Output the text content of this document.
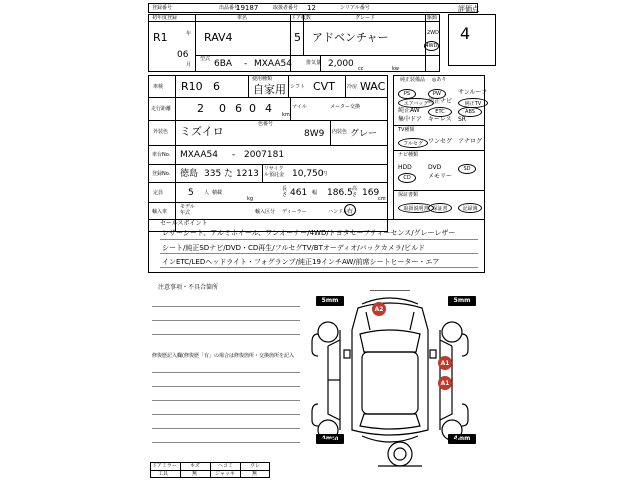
登録番号	出品番号
19187	取扱者番号 12	シリアル番号	評価点
4
初年度登録
R1	年
06
月
車名
RAV4
ドア枚数
5
グレード
アドベンチャー
型式 6BA - MXAA54	排気量 2,000 cc	kw
駆動
2WD
4WD
車検 R10 6
使用種類
自家用 シフト CVT 冷房 WAC
走行距離 2 0 6 0 4 km
マイル	メーター交換
外装色 ミズイロ
色番号
8W9 内装色 グレー
車台No. MXAA54 - 2007181
登録No. 徳島 335 た 1213 リサイクル預託金 10,750
円
定員	5 人 積載
kg
長さ 461 幅 186.5 高さ 169
cm
モデル年式
輸入車	輸入区分 ディーラー	ハンドル
右
純正装備品 ◎あり
PS	PW	サンルーフ
エアバッグ 純正ナビ	純正TV
純正AW	ETC	ABS
集中ドア キーレス SR
TV種類
フルセグ ワンセグ アナログ
ナビ種類
HDD	DVD	SD
CD	メモリー
保証書類
取扱説明書 保証書	記録簿
セールスポイント
レザーシート、アルミホイール、ワンオーナー/4WD/トヨタセーフティーセンス/グレーレザー
シート/純正SDナビ/DVD・CD再生/フルセグTV/BTオーディオ/バックカメラ/ビルド
インETC/LEDヘッドライト・フォグランプ/純正19インチAW/前席シートヒーター・エア
注意事項・不具合箇所
修復歴記入欄(修復歴「有」の場合は修復箇所・交換箇所を記入
ドアミラー	キズ	ヘコミ	ウレ
工具	無	ジャッキ	無
5mm	5mm
4mm	4mm
A2
A1
A1
